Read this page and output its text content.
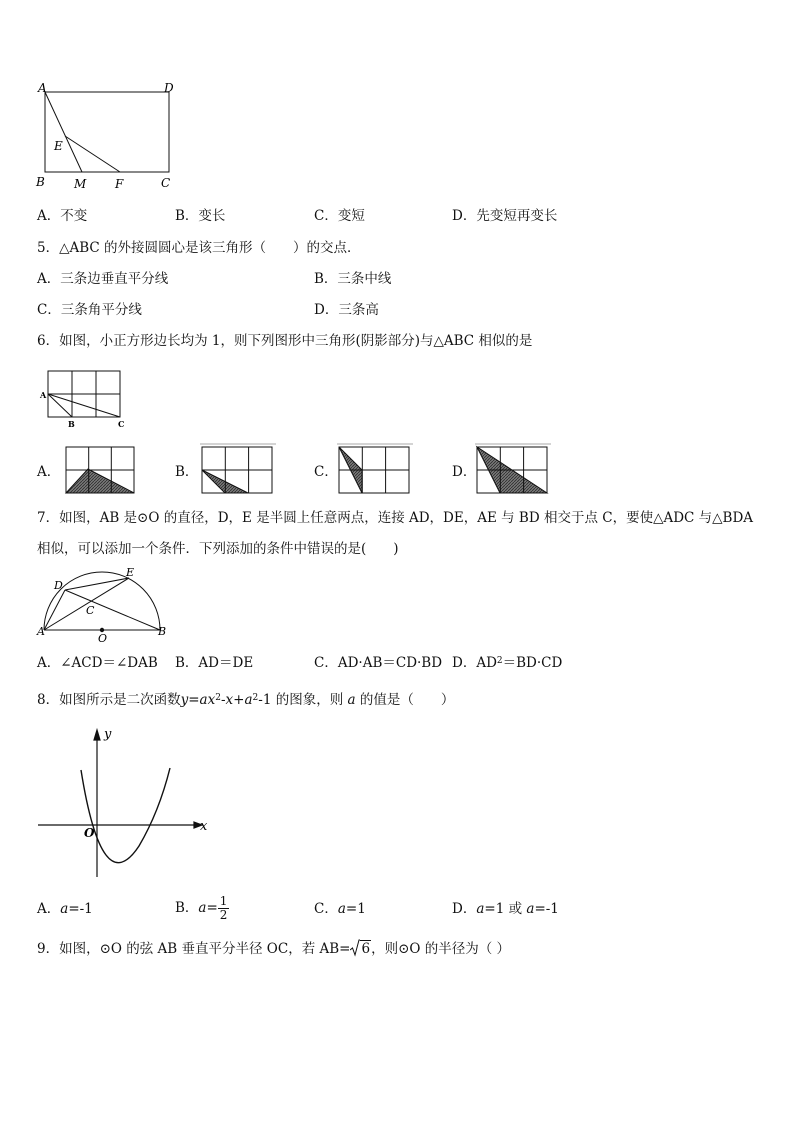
A	D
B	C
E
M F
A．不变	B．变长	C．变短	D．先变短再变长
5．△ABC 的外接圆圆心是该三角形（　　）的交点．
A．三条边垂直平分线	B．三条中线
C．三条角平分线	D．三条高
6．如图，小正方形边长均为 1，则下列图形中三角形(阴影部分)与△ABC 相似的是
A
B	C
A．	B．	C．	D．
7．如图，AB 是⊙O 的直径，D，E 是半圆上任意两点，连接 AD，DE，AE 与 BD 相交于点 C，要使△ADC 与△BDA
相似，可以添加一个条件．下列添加的条件中错误的是(　　)
D
E
C
A
O
B
A．∠ACD＝∠DAB B．AD＝DE	C．AD·AB＝CD·BD D．$AD^2=BD\cdot CD$
8．如图所示是二次函数$y=ax^2-x+a^2-1$ 的图象，则 a 的值是（　　）
y
x
O
A．a=-1	B．$a= \frac{1}{2}$	C．a=1	D．a=1 或 a=-1
9．如图，⊙O 的弦 AB 垂直平分半径 OC，若 AB= 6，则⊙O 的半径为（ ）
